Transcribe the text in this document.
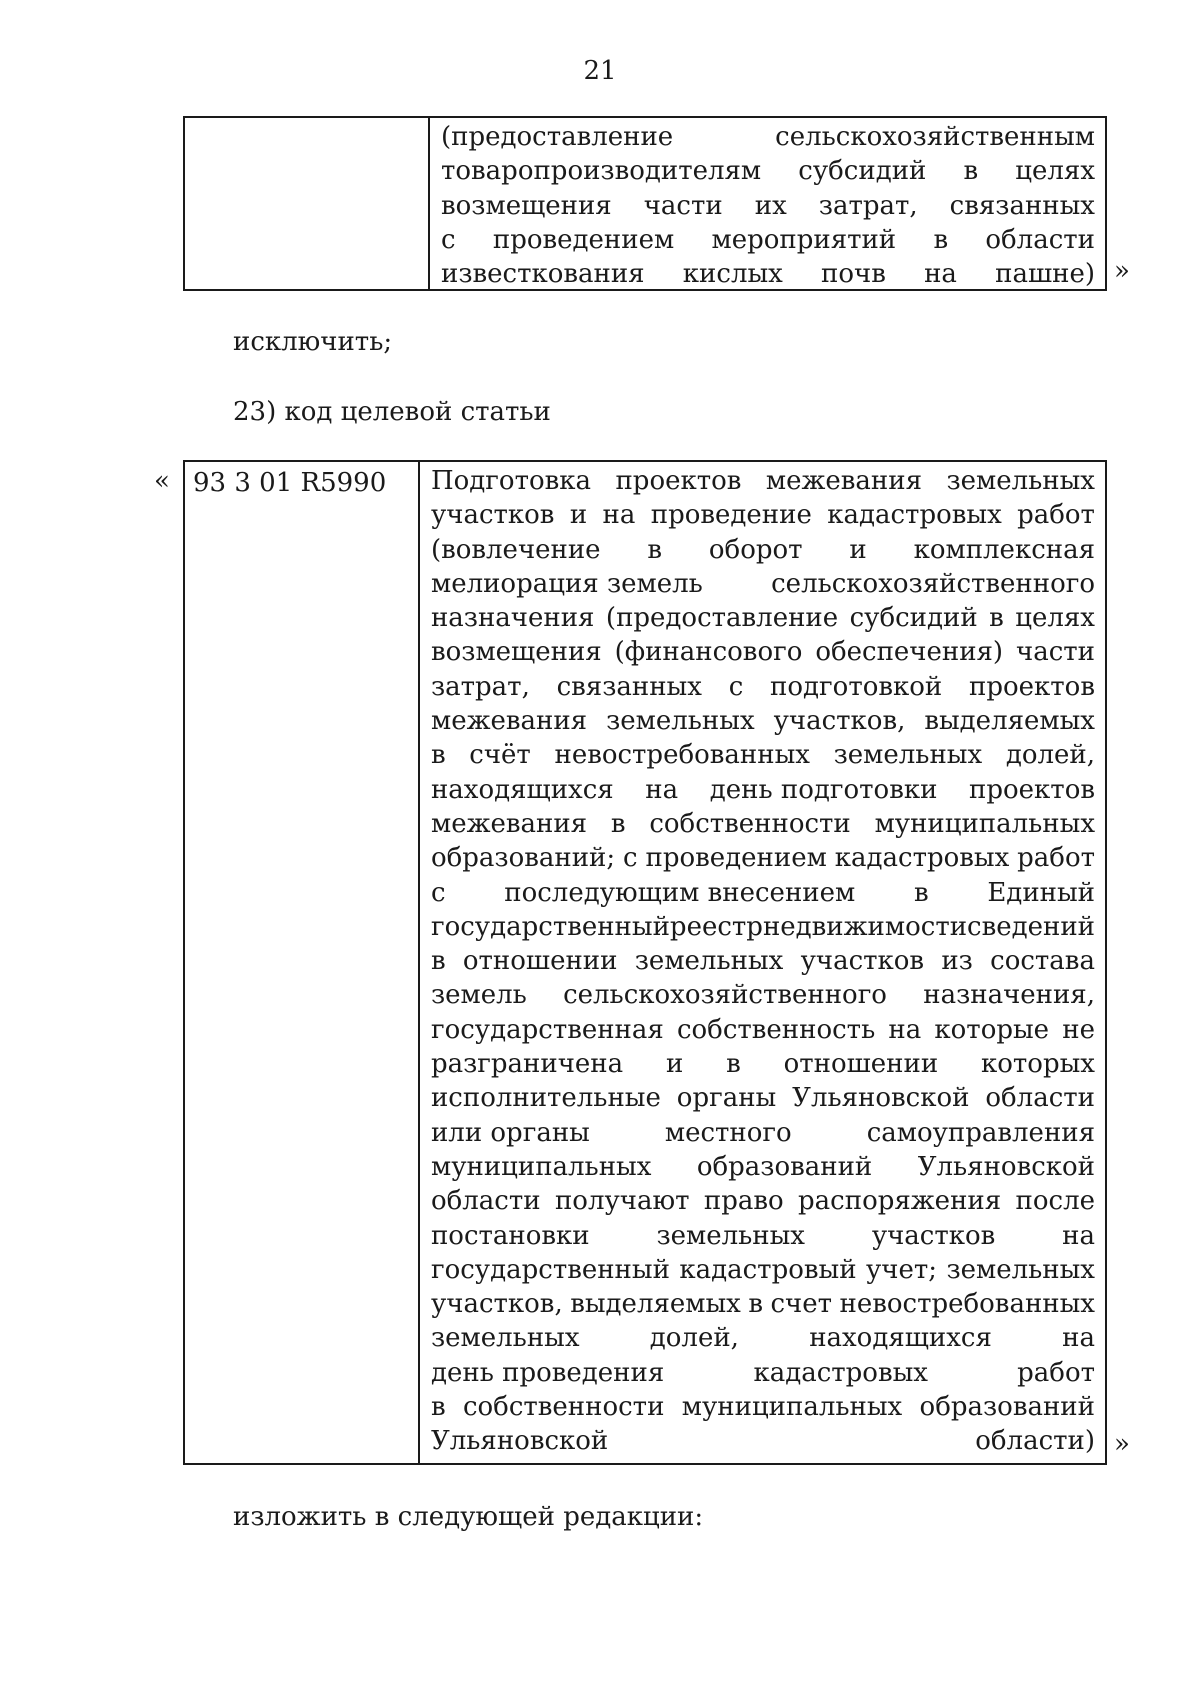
21
(предоставление	сельскохозяйственным
товаропроизводителям субсидий в целях
возмещения части их затрат, связанных
с проведением мероприятий в области
известкования кислых почв на пашне) »
исключить;
23) код целевой статьи
« 93 3 01 R5990	Подготовка проектов межевания земельных
участков и на проведение кадастровых работ
(вовлечение в оборот и комплексная
мелиорация земель	сельскохозяйственного
назначения (предоставление субсидий в целях
возмещения (финансового обеспечения) части
затрат, связанных с подготовкой проектов
межевания земельных участков, выделяемых
в счёт невостребованных земельных долей,
находящихся на день подготовки проектов
межевания в собственности муниципальных
образований; с проведением кадастровых работ
с последующим внесением в Единый
государственный реестр недвижимости сведений
в отношении земельных участков из состава
земель сельскохозяйственного назначения,
государственная собственность на которые не
разграничена и в отношении которых
исполнительные органы Ульяновской области
или органы	местного	самоуправления
муниципальных образований Ульяновской
области получают право распоряжения после
постановки	земельных	участков	на
государственный кадастровый учет; земельных
участков, выделяемых в счет невостребованных
земельных	долей,	находящихся	на
день проведения	кадастровых	работ
в собственности муниципальных образований
Ульяновской области) »
изложить в следующей редакции:
